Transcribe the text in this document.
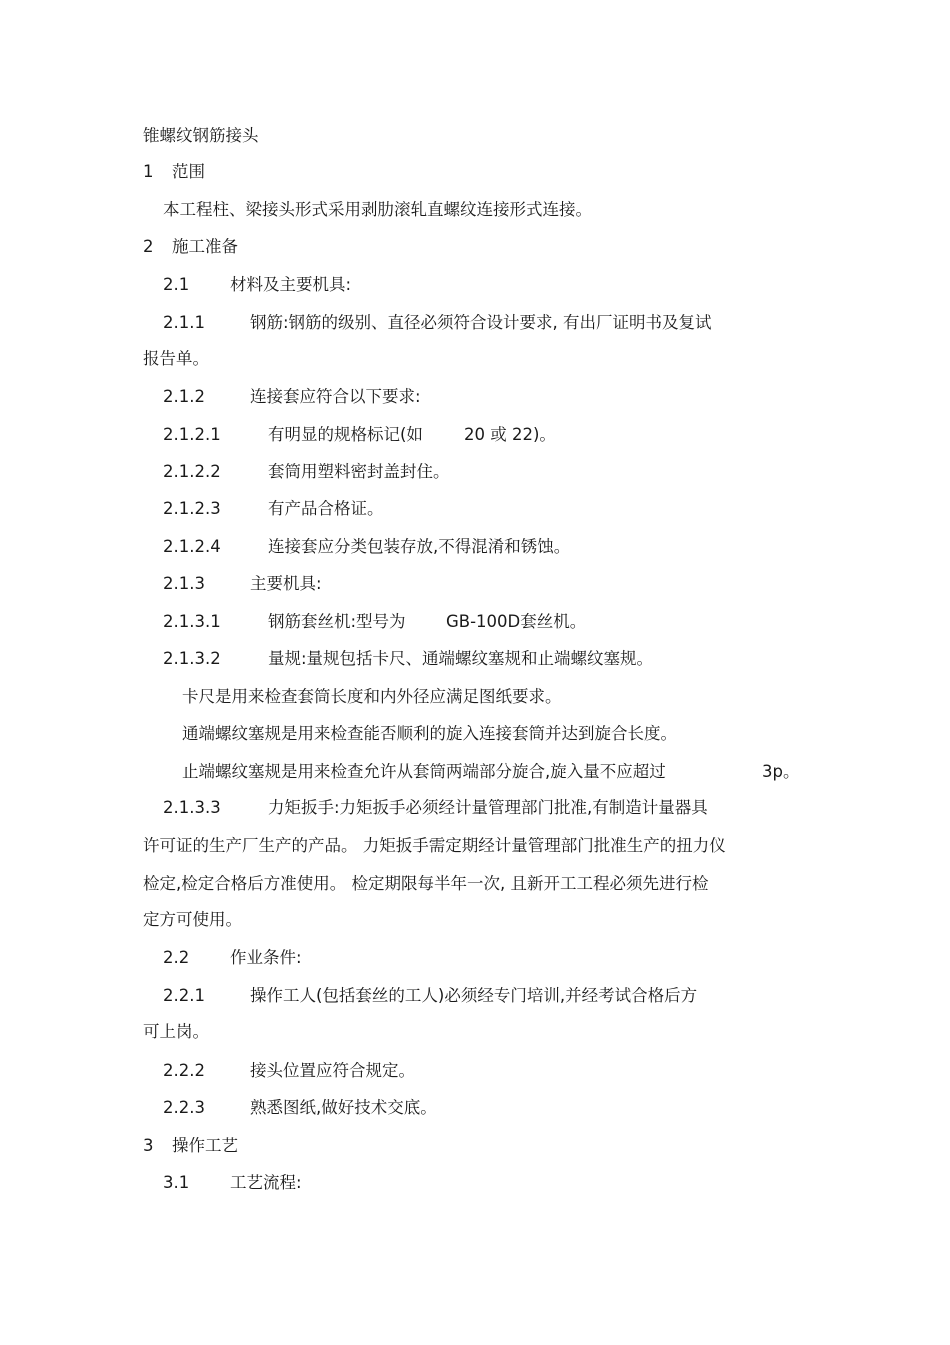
锥螺纹钢筋接头
1 范围
本工程柱、梁接头形式采用剥肋滚轧直螺纹连接形式连接。
2 施工准备
2.1 材料及主要机具:
2.1.1	钢筋:钢筋的级别、直径必须符合设计要求, 有出厂证明书及复试
报告单。
2.1.2	连接套应符合以下要求:
2.1.2.1	有明显的规格标记(如 20 或 22)。
2.1.2.2	套筒用塑料密封盖封住。
2.1.2.3	有产品合格证。
2.1.2.4	连接套应分类包装存放,不得混淆和锈蚀。
2.1.3	主要机具:
2.1.3.1	钢筋套丝机:型号为 GB-100D套丝机。
2.1.3.2	量规:量规包括卡尺、通端螺纹塞规和止端螺纹塞规。
卡尺是用来检查套筒长度和内外径应满足图纸要求。
通端螺纹塞规是用来检查能否顺利的旋入连接套筒并达到旋合长度。
止端螺纹塞规是用来检查允许从套筒两端部分旋合,旋入量不应超过	3p。
2.1.3.3	力矩扳手:力矩扳手必须经计量管理部门批准,有制造计量器具
许可证的生产厂生产的产品。 力矩扳手需定期经计量管理部门批准生产的扭力仪
检定,检定合格后方准使用。 检定期限每半年一次, 且新开工工程必须先进行检
定方可使用。
2.2 作业条件:
2.2.1	操作工人(包括套丝的工人)必须经专门培训,并经考试合格后方
可上岗。
2.2.2	接头位置应符合规定。
2.2.3	熟悉图纸,做好技术交底。
3 操作工艺
3.1 工艺流程:
